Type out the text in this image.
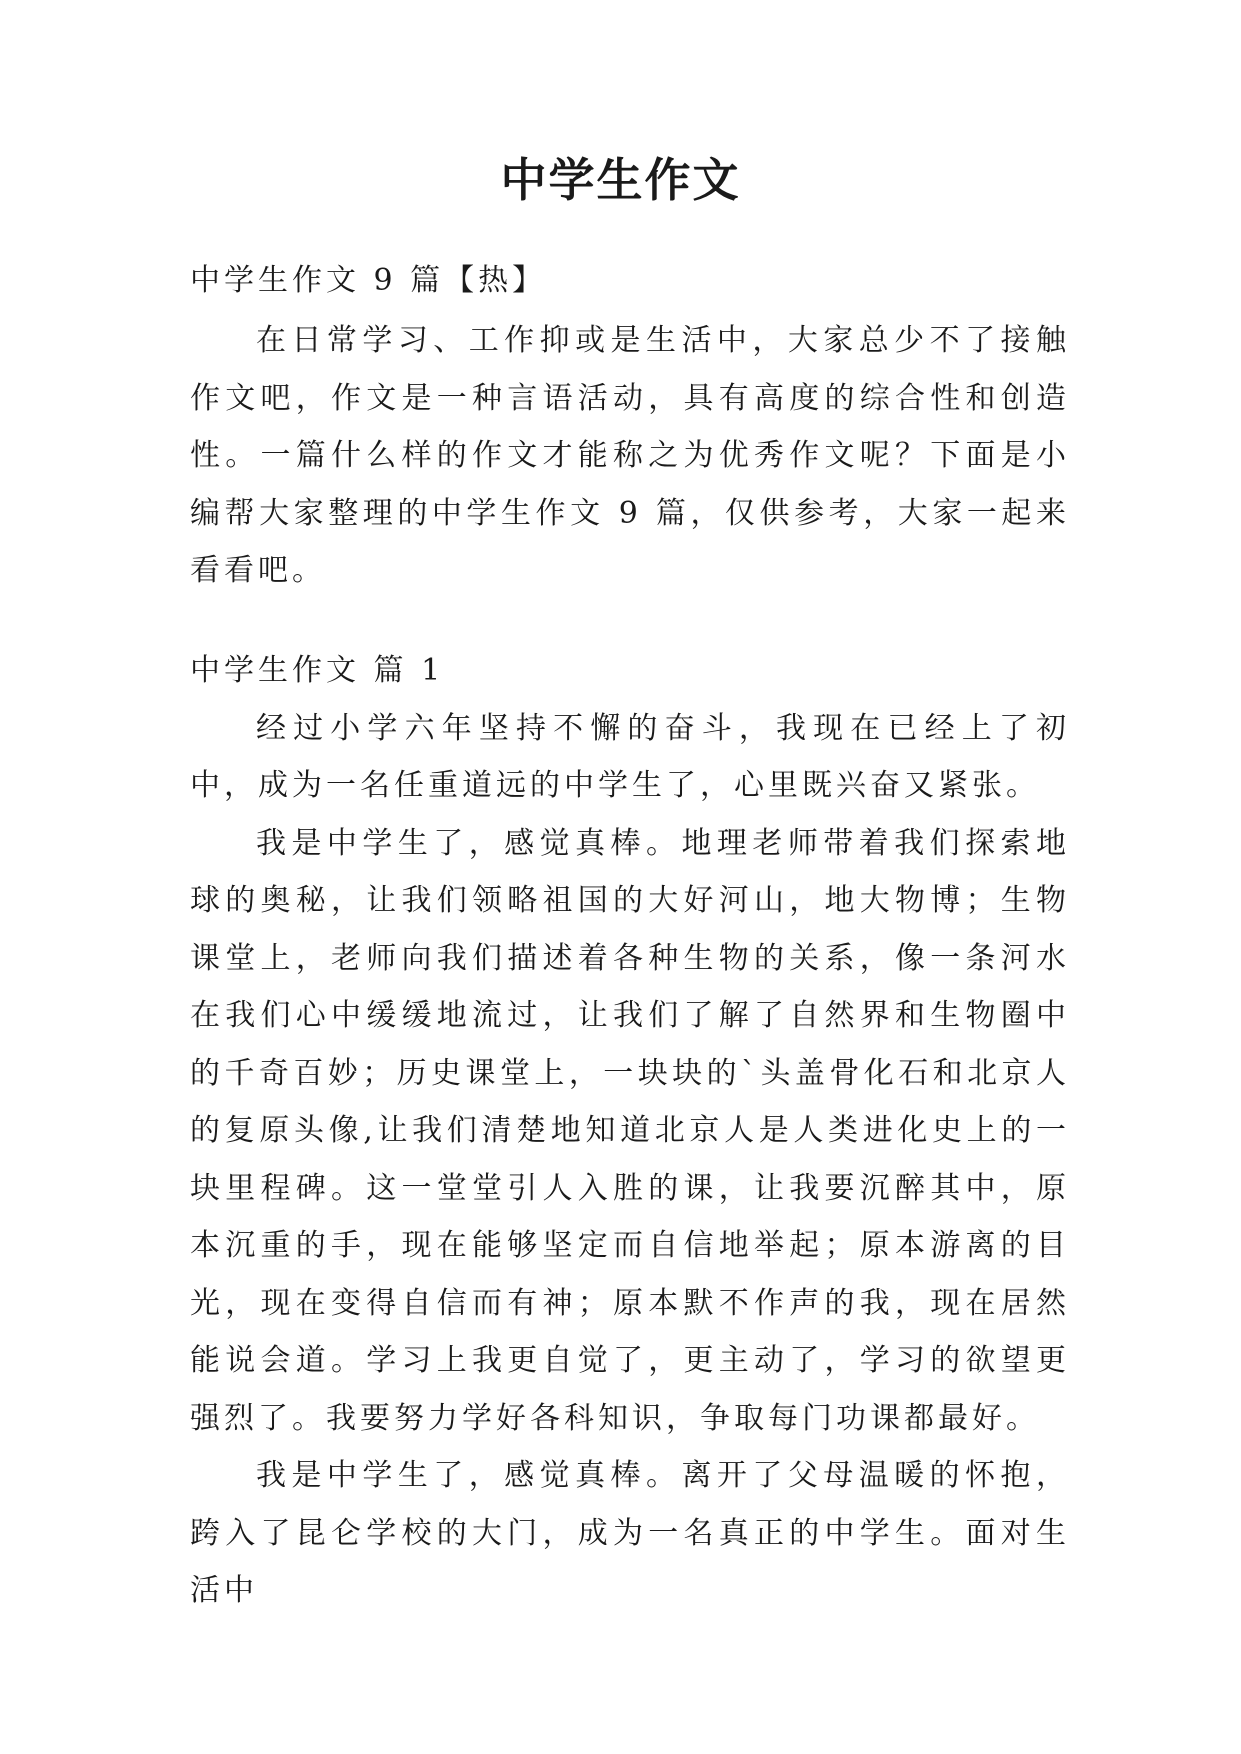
中学生作文
中学生作文 9 篇【热】

在日常学习、工作抑或是生活中，大家总少不了接触作文吧，作文是一种言语活动，具有高度的综合性和创造性。一篇什么样的作文才能称之为优秀作文呢？下面是小编帮大家整理的中学生作文 9 篇，仅供参考，大家一起来看看吧。

中学生作文 篇 1

经过小学六年坚持不懈的奋斗，我现在已经上了初中，成为一名任重道远的中学生了，心里既兴奋又紧张。

我是中学生了，感觉真棒。地理老师带着我们探索地球的奥秘，让我们领略祖国的大好河山，地大物博；生物课堂上，老师向我们描述着各种生物的关系，像一条河水在我们心中缓缓地流过，让我们了解了自然界和生物圈中的千奇百妙；历史课堂上，一块块的`头盖骨化石和北京人的复原头像,让我们清楚地知道北京人是人类进化史上的一块里程碑。这一堂堂引人入胜的课，让我要沉醉其中，原本沉重的手，现在能够坚定而自信地举起；原本游离的目光，现在变得自信而有神；原本默不作声的我，现在居然能说会道。学习上我更自觉了，更主动了，学习的欲望更强烈了。我要努力学好各科知识，争取每门功课都最好。

我是中学生了，感觉真棒。离开了父母温暖的怀抱，跨入了昆仑学校的大门，成为一名真正的中学生。面对生活中
